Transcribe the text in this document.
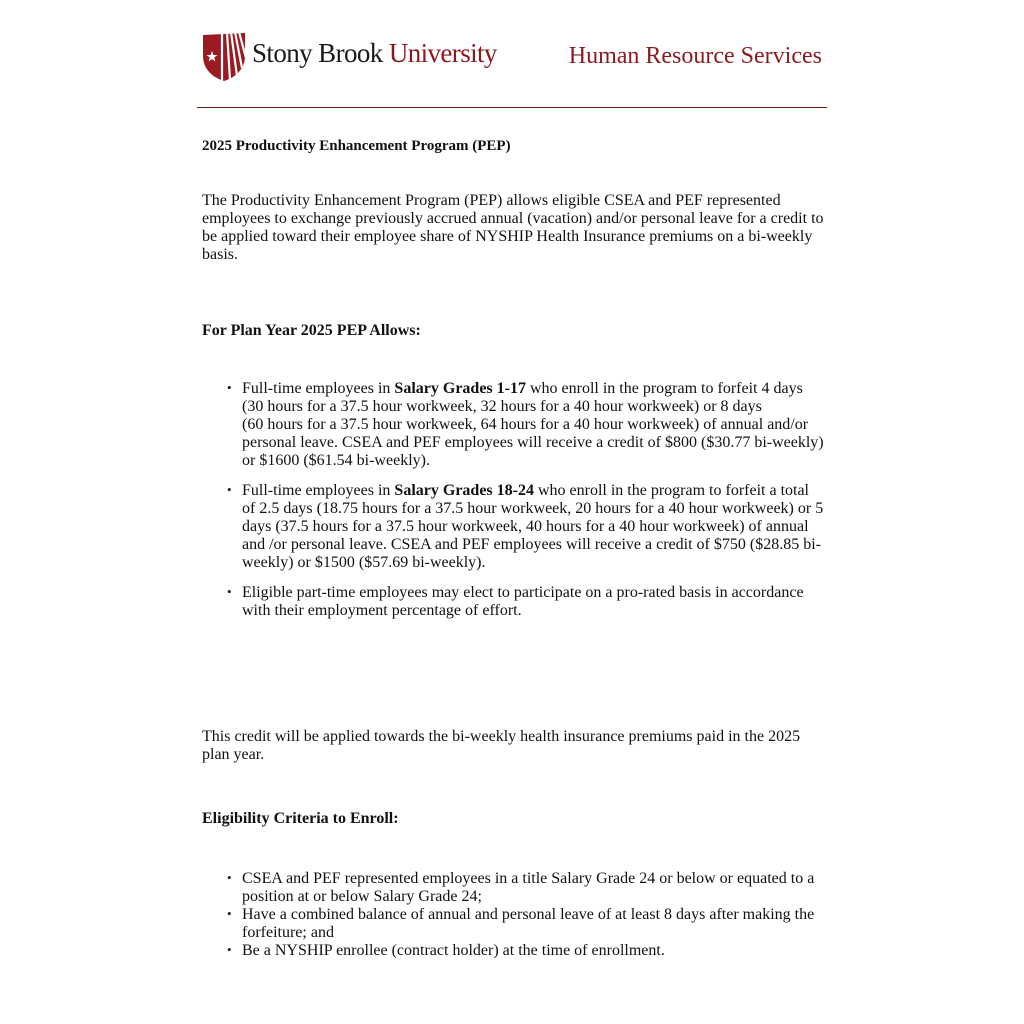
Stony Brook University	Human Resource Services
2025 Productivity Enhancement Program (PEP)

The Productivity Enhancement Program (PEP) allows eligible CSEA and PEF represented employees to exchange previously accrued annual (vacation) and/or personal leave for a credit to be applied toward their employee share of NYSHIP Health Insurance premiums on a bi-weekly basis.

For Plan Year 2025 PEP Allows:
• Full-time employees in Salary Grades 1-17 who enroll in the program to forfeit 4 days (30 hours for a 37.5 hour workweek, 32 hours for a 40 hour workweek) or 8 days
(60 hours for a 37.5 hour workweek, 64 hours for a 40 hour workweek) of annual and/or personal leave. CSEA and PEF employees will receive a credit of $800 ($30.77 bi-weekly) or $1600 ($61.54 bi-weekly).
• Full-time employees in Salary Grades 18-24 who enroll in the program to forfeit a total of 2.5 days (18.75 hours for a 37.5 hour workweek, 20 hours for a 40 hour workweek) or 5 days (37.5 hours for a 37.5 hour workweek, 40 hours for a 40 hour workweek) of annual and /or personal leave. CSEA and PEF employees will receive a credit of $750 ($28.85 bi-weekly) or $1500 ($57.69 bi-weekly).
• Eligible part-time employees may elect to participate on a pro-rated basis in accordance with their employment percentage of effort.

This credit will be applied towards the bi-weekly health insurance premiums paid in the 2025 plan year.

Eligibility Criteria to Enroll:
• CSEA and PEF represented employees in a title Salary Grade 24 or below or equated to a position at or below Salary Grade 24;
• Have a combined balance of annual and personal leave of at least 8 days after making the forfeiture; and
• Be a NYSHIP enrollee (contract holder) at the time of enrollment.
